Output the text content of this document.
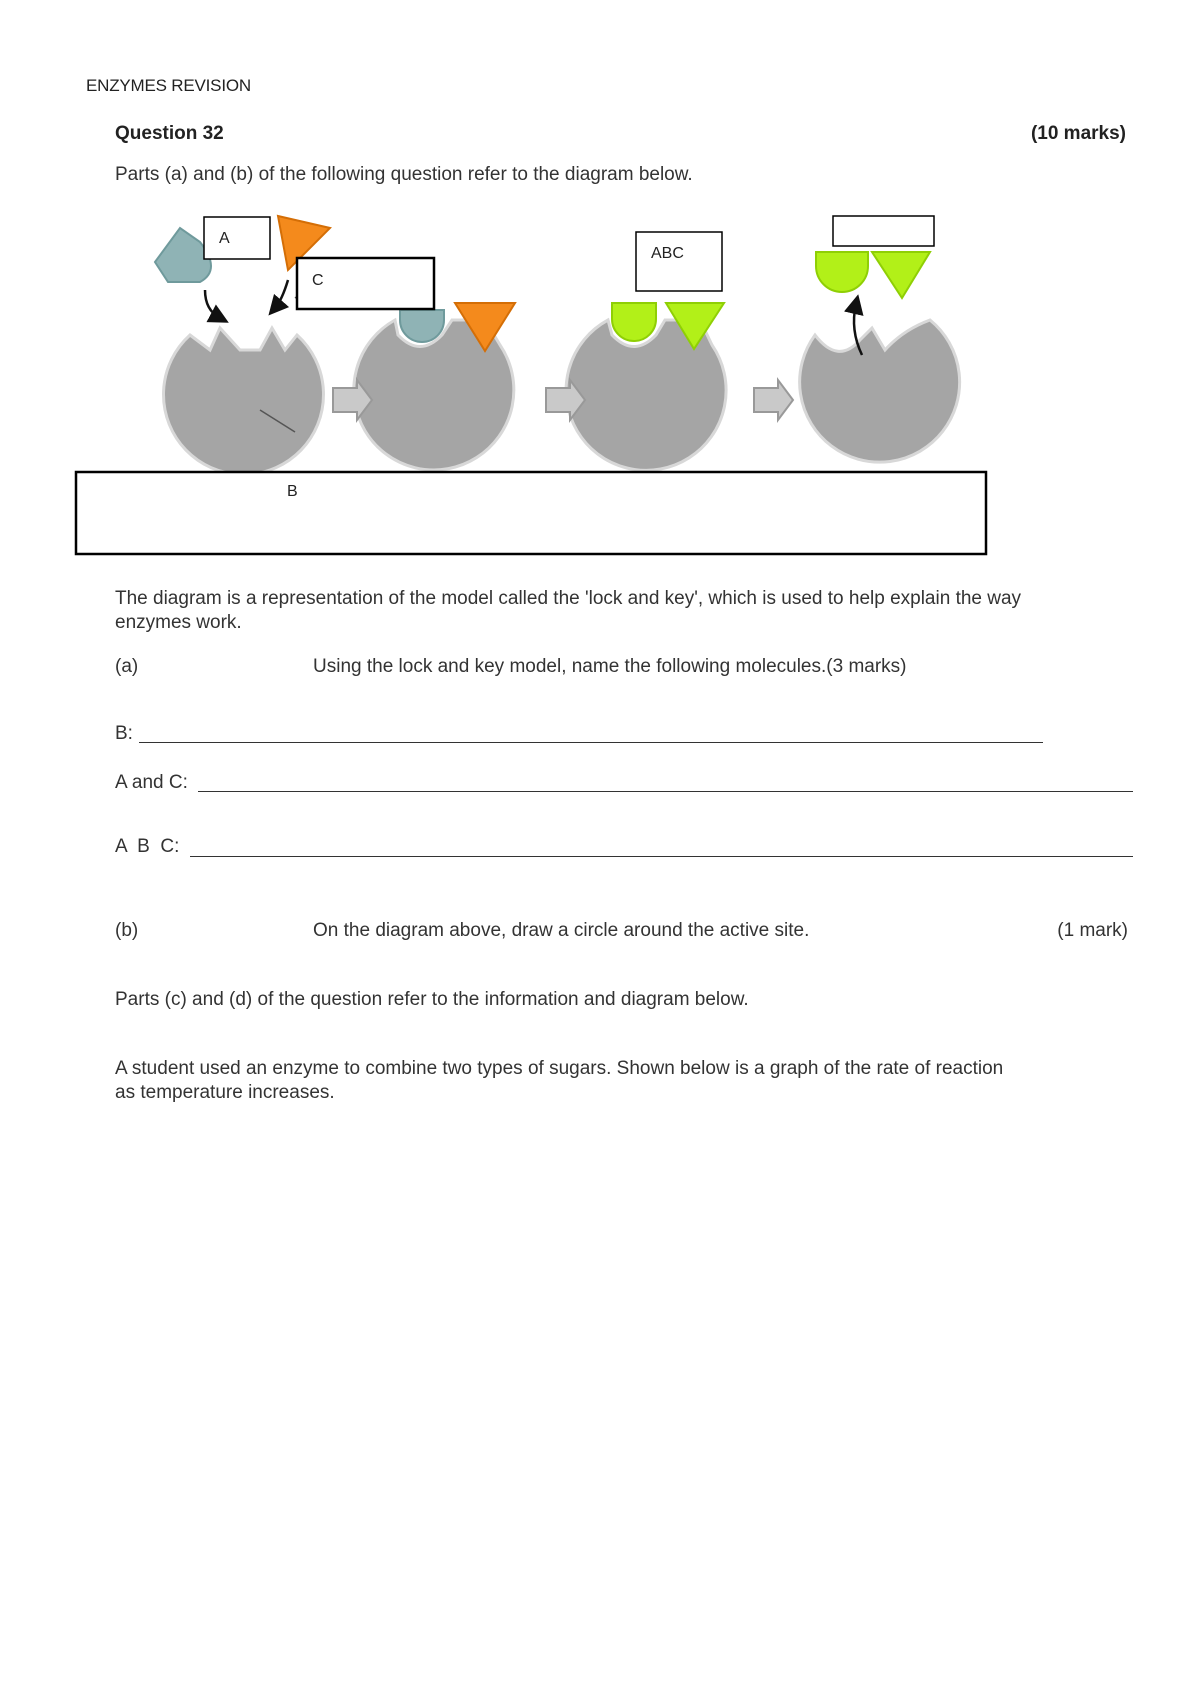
ENZYMES REVISION
Question 32	(10 marks)
Parts (a) and (b) of the following question refer to the diagram below.
A
C
ABC
B
The diagram is a representation of the model called the 'lock and key', which is used to help explain the way enzymes work.
(a)	Using the lock and key model, name the following molecules.(3 marks)
B:
A and C:
A  B  C:
(b)	On the diagram above, draw a circle around the active site.	(1 mark)
Parts (c) and (d) of the question refer to the information and diagram below.
A student used an enzyme to combine two types of sugars. Shown below is a graph of the rate of reaction as temperature increases.
